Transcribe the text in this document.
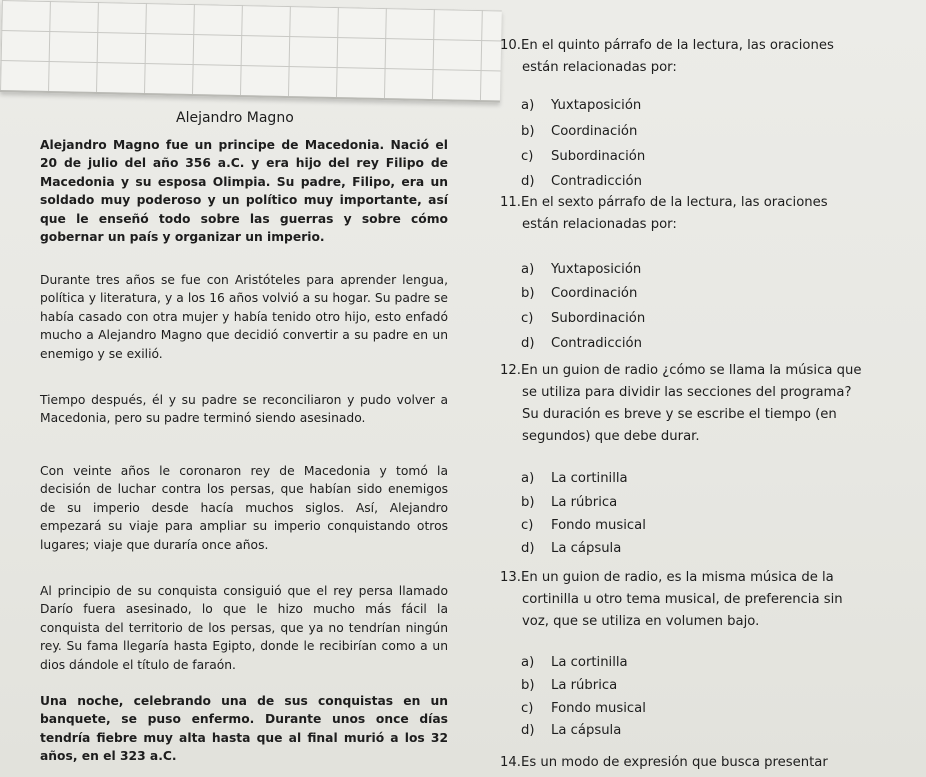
Alejandro Magno
Alejandro Magno fue un principe de Macedonia. Nació el 20 de julio del año 356 a.C. y era hijo del rey Filipo de Macedonia y su esposa Olimpia. Su padre, Filipo, era un soldado muy poderoso y un político muy importante, así que le enseñó todo sobre las guerras y sobre cómo gobernar un país y organizar un imperio.
Durante tres años se fue con Aristóteles para aprender lengua, política y literatura, y a los 16 años volvió a su hogar. Su padre se había casado con otra mujer y había tenido otro hijo, esto enfadó mucho a Alejandro Magno que decidió convertir a su padre en un enemigo y se exilió.
Tiempo después, él y su padre se reconciliaron y pudo volver a Macedonia, pero su padre terminó siendo asesinado.
Con veinte años le coronaron rey de Macedonia y tomó la decisión de luchar contra los persas, que habían sido enemigos de su imperio desde hacía muchos siglos. Así, Alejandro empezará su viaje para ampliar su imperio conquistando otros lugares; viaje que duraría once años.
Al principio de su conquista consiguió que el rey persa llamado Darío fuera asesinado, lo que le hizo mucho más fácil la conquista del territorio de los persas, que ya no tendrían ningún rey. Su fama llegaría hasta Egipto, donde le recibirían como a un dios dándole el título de faraón.
Una noche, celebrando una de sus conquistas en un banquete, se puso enfermo. Durante unos once días tendría fiebre muy alta hasta que al final murió a los 32 años, en el 323 a.C.
10.En el quinto párrafo de la lectura, las oraciones
están relacionadas por:
a) Yuxtaposición
b) Coordinación
c) Subordinación
d) Contradicción
11.En el sexto párrafo de la lectura, las oraciones
están relacionadas por:
a) Yuxtaposición
b) Coordinación
c) Subordinación
d) Contradicción
12.En un guion de radio ¿cómo se llama la música que
se utiliza para dividir las secciones del programa?
Su duración es breve y se escribe el tiempo (en
segundos) que debe durar.
a) La cortinilla
b) La rúbrica
c) Fondo musical
d) La cápsula
13.En un guion de radio, es la misma música de la
cortinilla u otro tema musical, de preferencia sin
voz, que se utiliza en volumen bajo.
a) La cortinilla
b) La rúbrica
c) Fondo musical
d) La cápsula
14.Es un modo de expresión que busca presentar
